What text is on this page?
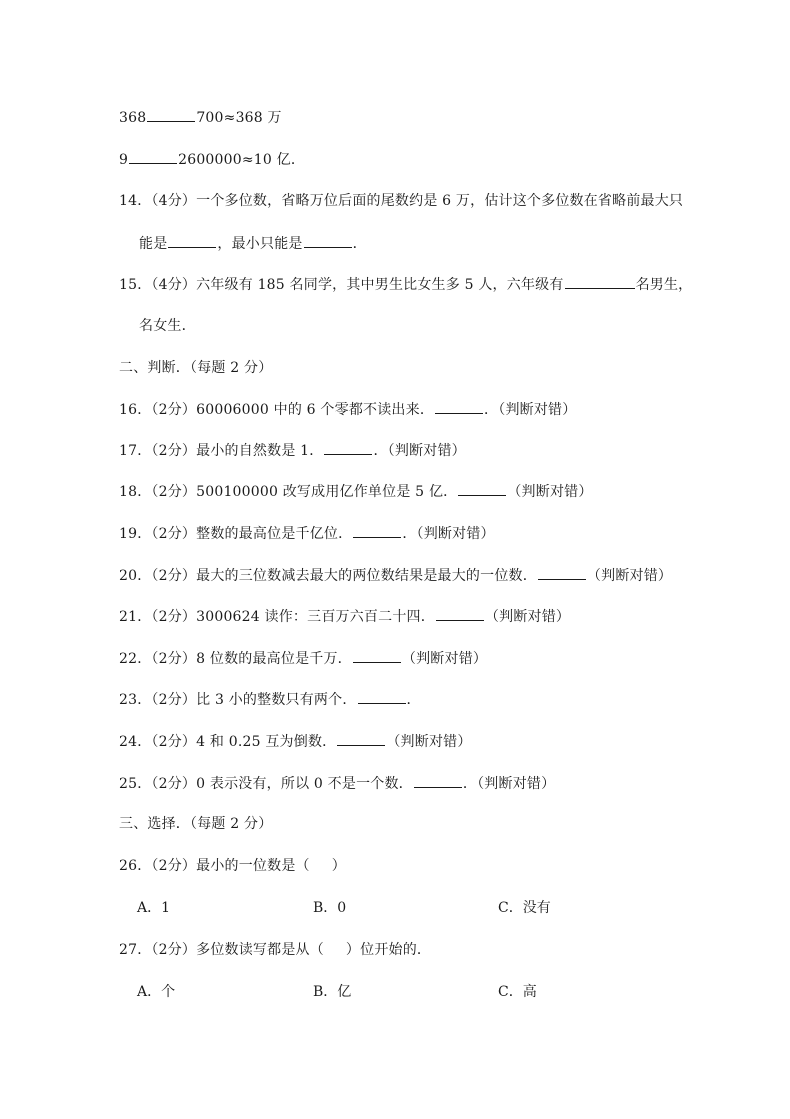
368	700≈368 万
9	2600000≈10 亿．
14．（4分）一个多位数，省略万位后面的尾数约是 6 万，估计这个多位数在省略前最大只
能是	，最小只能是	．
15．（4分）六年级有 185 名同学，其中男生比女生多 5 人，六年级有	名男生，
名女生．
二、判断．（每题 2 分）
16．（2分）60006000 中的 6 个零都不读出来．	．（判断对错）
17．（2分）最小的自然数是 1．	．（判断对错）
18．（2分）500100000 改写成用亿作单位是 5 亿．	（判断对错）
19．（2分）整数的最高位是千亿位．	．（判断对错）
20．（2分）最大的三位数减去最大的两位数结果是最大的一位数．	（判断对错）
21．（2分）3000624 读作：三百万六百二十四．	（判断对错）
22．（2分）8 位数的最高位是千万．	（判断对错）
23．（2分）比 3 小的整数只有两个．	．
24．（2分）4 和 0.25 互为倒数．	（判断对错）
25．（2分）0 表示没有，所以 0 不是一个数．	．（判断对错）
三、选择．（每题 2 分）
26．（2分）最小的一位数是（ ）
A．1	B．0	C．没有
27．（2分）多位数读写都是从（ ）位开始的．
A．个	B．亿	C．高
